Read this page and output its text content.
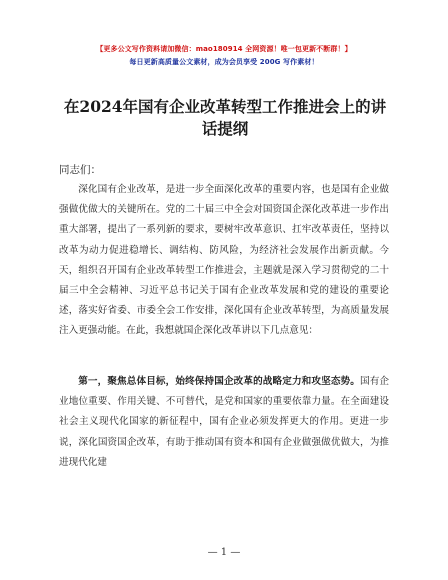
【更多公文写作资料请加微信：mao180914 全网资源！唯一包更新不断群！】
每日更新高质量公文素材，成为会员享受 200G 写作素材！
在2024年国有企业改革转型工作推进会上的讲话提纲
同志们：

深化国有企业改革，是进一步全面深化改革的重要内容，也是国有企业做强做优做大的关键所在。党的二十届三中全会对国资国企深化改革进一步作出重大部署，提出了一系列新的要求，要树牢改革意识、扛牢改革责任，坚持以改革为动力促进稳增长、调结构、防风险，为经济社会发展作出新贡献。今天，组织召开国有企业改革转型工作推进会，主题就是深入学习贯彻党的二十届三中全会精神、习近平总书记关于国有企业改革发展和党的建设的重要论述，落实好省委、市委全会工作安排，深化国有企业改革转型，为高质量发展注入更强动能。在此，我想就国企深化改革讲以下几点意见：

第一，聚焦总体目标，始终保持国企改革的战略定力和攻坚态势。国有企业地位重要、作用关键、不可替代，是党和国家的重要依靠力量。在全面建设社会主义现代化国家的新征程中，国有企业必须发挥更大的作用。更进一步说，深化国资国企改革，有助于推动国有资本和国有企业做强做优做大，为推进现代化建

— 1 —
